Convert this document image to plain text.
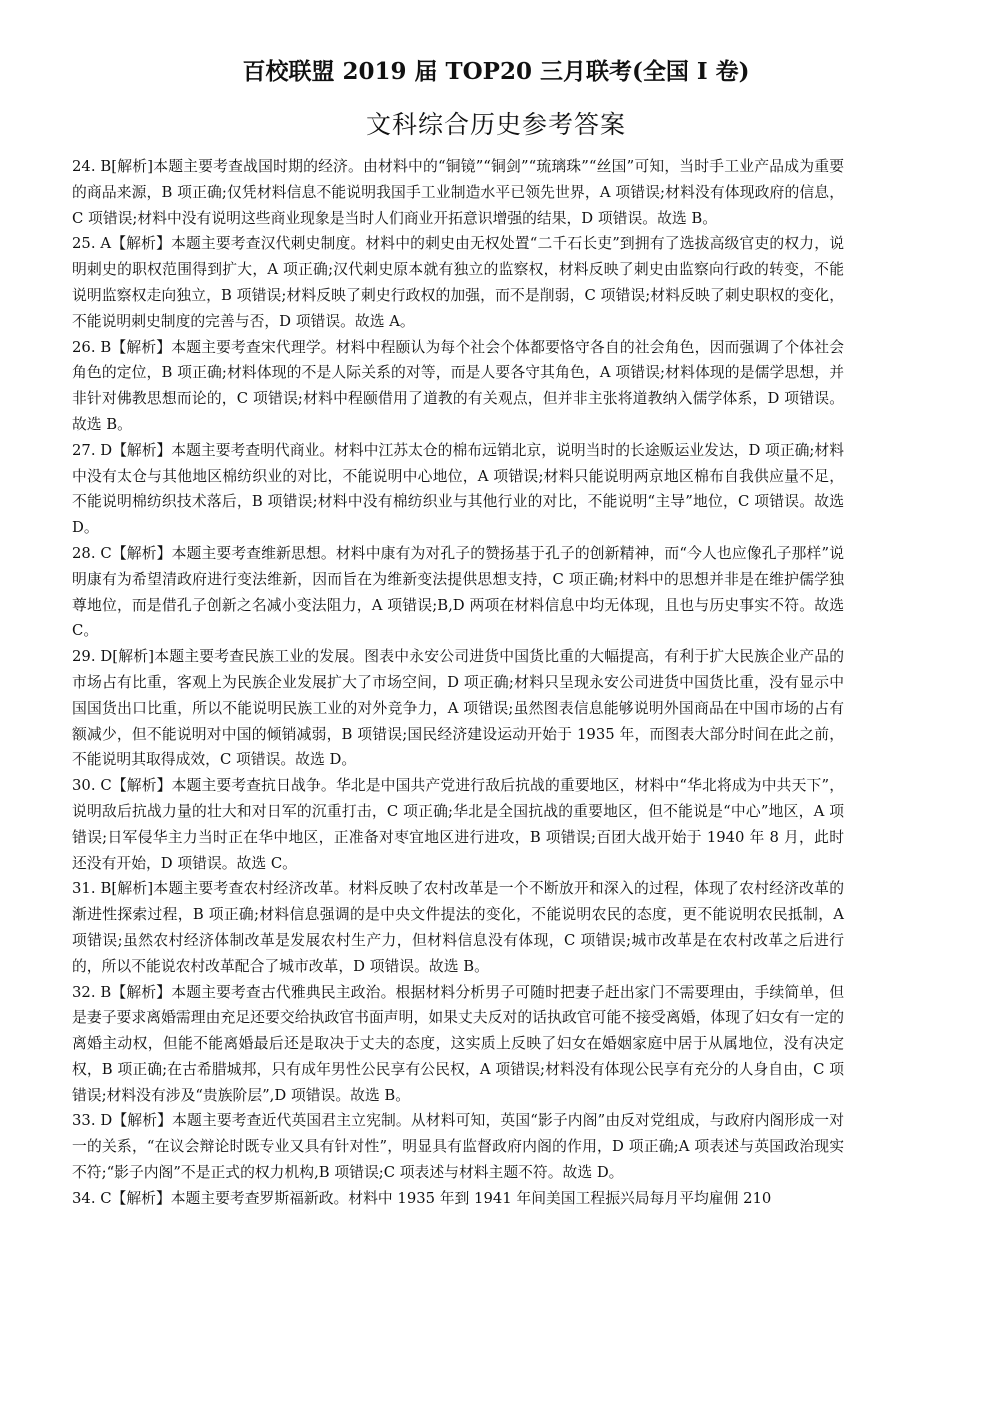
百校联盟 2019 届 TOP20 三月联考(全国 I 卷)
文科综合历史参考答案

24. B[解析]本题主要考查战国时期的经济。由材料中的“铜镜”“铜剑”“琉璃珠”“丝国”可知，当时手工业产品成为重要的商品来源，B 项正确;仅凭材料信息不能说明我国手工业制造水平已领先世界，A 项错误;材料没有体现政府的信息，C 项错误;材料中没有说明这些商业现象是当时人们商业开拓意识增强的结果，D 项错误。故选 B。

25. A【解析】本题主要考查汉代刺史制度。材料中的刺史由无权处置“二千石长吏”到拥有了选拔高级官吏的权力，说明刺史的职权范围得到扩大，A 项正确;汉代刺史原本就有独立的监察权，材料反映了刺史由监察向行政的转变，不能说明监察权走向独立，B 项错误;材料反映了刺史行政权的加强，而不是削弱，C 项错误;材料反映了刺史职权的变化，不能说明刺史制度的完善与否，D 项错误。故选 A。

26. B【解析】本题主要考查宋代理学。材料中程颐认为每个社会个体都要恪守各自的社会角色，因而强调了个体社会角色的定位，B 项正确;材料体现的不是人际关系的对等，而是人要各守其角色，A 项错误;材料体现的是儒学思想，并非针对佛教思想而论的，C 项错误;材料中程颐借用了道教的有关观点，但并非主张将道教纳入儒学体系，D 项错误。故选 B。

27. D【解析】本题主要考查明代商业。材料中江苏太仓的棉布远销北京，说明当时的长途贩运业发达，D 项正确;材料中没有太仓与其他地区棉纺织业的对比，不能说明中心地位，A 项错误;材料只能说明两京地区棉布自我供应量不足，不能说明棉纺织技术落后，B 项错误;材料中没有棉纺织业与其他行业的对比，不能说明“主导”地位，C 项错误。故选 D。

28. C【解析】本题主要考查维新思想。材料中康有为对孔子的赞扬基于孔子的创新精神，而“今人也应像孔子那样”说明康有为希望清政府进行变法维新，因而旨在为维新变法提供思想支持，C 项正确;材料中的思想并非是在维护儒学独尊地位，而是借孔子创新之名减小变法阻力，A 项错误;B,D 两项在材料信息中均无体现，且也与历史事实不符。故选 C。

29. D[解析]本题主要考查民族工业的发展。图表中永安公司进货中国货比重的大幅提高，有利于扩大民族企业产品的市场占有比重，客观上为民族企业发展扩大了市场空间，D 项正确;材料只呈现永安公司进货中国货比重，没有显示中国国货出口比重，所以不能说明民族工业的对外竞争力，A 项错误;虽然图表信息能够说明外国商品在中国市场的占有额减少，但不能说明对中国的倾销减弱，B 项错误;国民经济建设运动开始于 1935 年，而图表大部分时间在此之前，不能说明其取得成效，C 项错误。故选 D。

30. C【解析】本题主要考查抗日战争。华北是中国共产党进行敌后抗战的重要地区，材料中“华北将成为中共天下”，说明敌后抗战力量的壮大和对日军的沉重打击，C 项正确;华北是全国抗战的重要地区，但不能说是“中心”地区，A 项错误;日军侵华主力当时正在华中地区，正准备对枣宜地区进行进攻，B 项错误;百团大战开始于 1940 年 8 月，此时还没有开始，D 项错误。故选 C。

31. B[解析]本题主要考查农村经济改革。材料反映了农村改革是一个不断放开和深入的过程，体现了农村经济改革的渐进性探索过程，B 项正确;材料信息强调的是中央文件提法的变化，不能说明农民的态度，更不能说明农民抵制，A 项错误;虽然农村经济体制改革是发展农村生产力，但材料信息没有体现，C 项错误;城市改革是在农村改革之后进行的，所以不能说农村改革配合了城市改革，D 项错误。故选 B。

32. B【解析】本题主要考查古代雅典民主政治。根据材料分析男子可随时把妻子赶出家门不需要理由，手续简单，但是妻子要求离婚需理由充足还要交给执政官书面声明，如果丈夫反对的话执政官可能不接受离婚，体现了妇女有一定的离婚主动权，但能不能离婚最后还是取决于丈夫的态度，这实质上反映了妇女在婚姻家庭中居于从属地位，没有决定权，B 项正确;在古希腊城邦，只有成年男性公民享有公民权，A 项错误;材料没有体现公民享有充分的人身自由，C 项错误;材料没有涉及“贵族阶层”,D 项错误。故选 B。

33. D【解析】本题主要考查近代英国君主立宪制。从材料可知，英国“影子内阁”由反对党组成，与政府内阁形成一对一的关系，“在议会辩论时既专业又具有针对性”，明显具有监督政府内阁的作用，D 项正确;A 项表述与英国政治现实不符;“影子内阁”不是正式的权力机构,B 项错误;C 项表述与材料主题不符。故选 D。

34. C【解析】本题主要考查罗斯福新政。材料中 1935 年到 1941 年间美国工程振兴局每月平均雇佣 210
